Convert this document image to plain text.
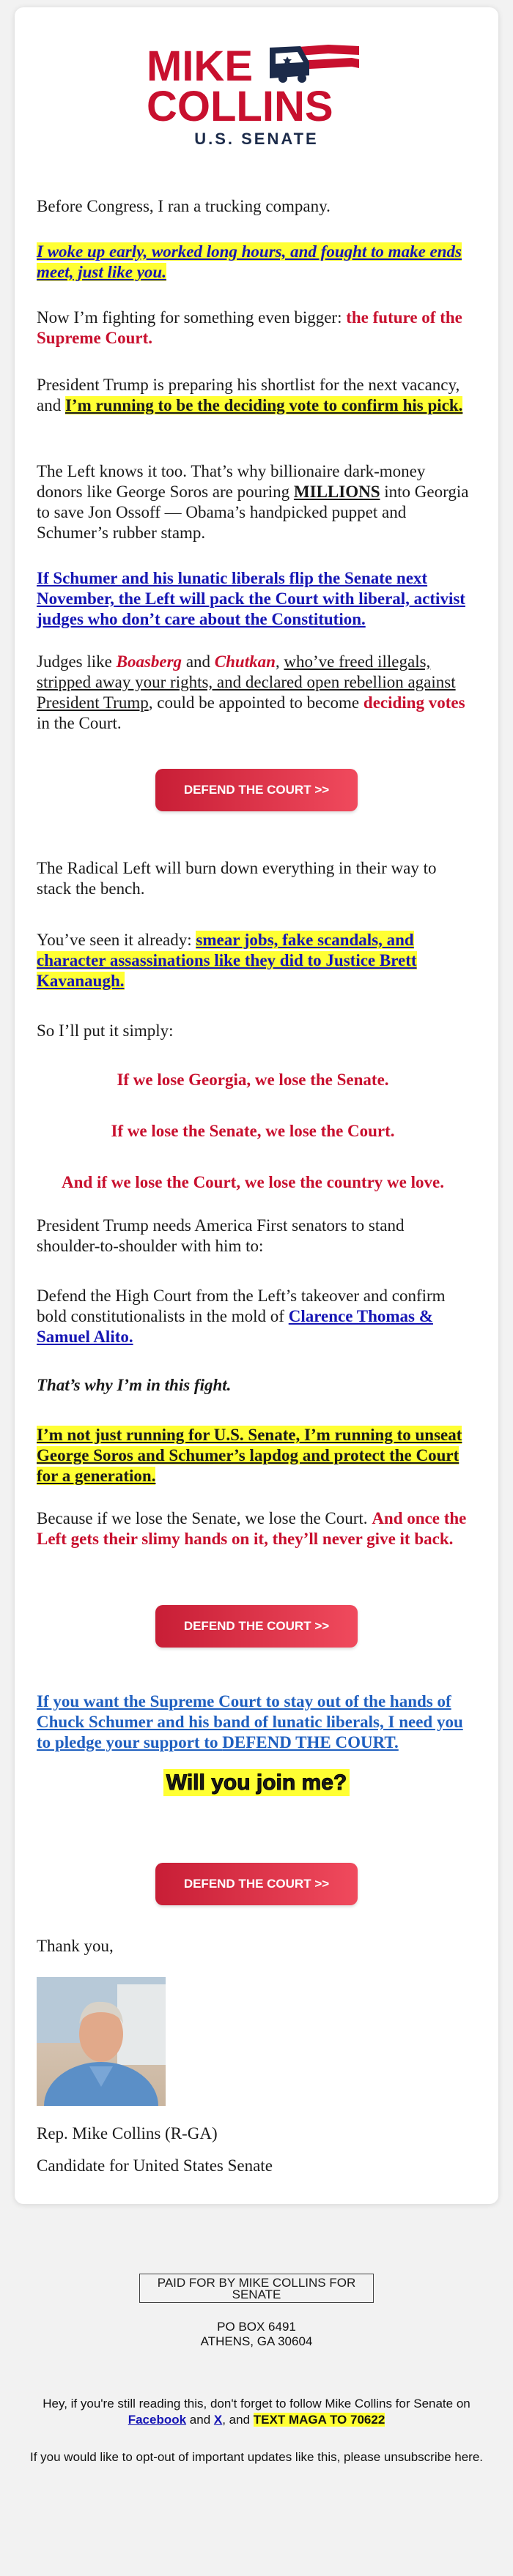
MIKE
COLLINS
U.S. SENATE

Before Congress, I ran a trucking company.

I woke up early, worked long hours, and fought to make ends meet, just like you.

Now I’m fighting for something even bigger: the future of the Supreme Court.

President Trump is preparing his shortlist for the next vacancy, and I’m running to be the deciding vote to confirm his pick.

The Left knows it too. That’s why billionaire dark-money donors like George Soros are pouring MILLIONS into Georgia to save Jon Ossoff — Obama’s handpicked puppet and Schumer’s rubber stamp.

If Schumer and his lunatic liberals flip the Senate next November, the Left will pack the Court with liberal, activist judges who don’t care about the Constitution.

Judges like Boasberg and Chutkan, who’ve freed illegals, stripped away your rights, and declared open rebellion against President Trump, could be appointed to become deciding votes in the Court.

DEFEND THE COURT >>

The Radical Left will burn down everything in their way to stack the bench.

You’ve seen it already: smear jobs, fake scandals, and character assassinations like they did to Justice Brett Kavanaugh.

So I’ll put it simply:

If we lose Georgia, we lose the Senate.
If we lose the Senate, we lose the Court.
And if we lose the Court, we lose the country we love.

President Trump needs America First senators to stand shoulder-to-shoulder with him to:

Defend the High Court from the Left’s takeover and confirm bold constitutionalists in the mold of Clarence Thomas & Samuel Alito.

That’s why I’m in this fight.

I’m not just running for U.S. Senate, I’m running to unseat George Soros and Schumer’s lapdog and protect the Court for a generation.

Because if we lose the Senate, we lose the Court. And once the Left gets their slimy hands on it, they’ll never give it back.

DEFEND THE COURT >>

If you want the Supreme Court to stay out of the hands of Chuck Schumer and his band of lunatic liberals, I need you to pledge your support to DEFEND THE COURT.

Will you join me?
DEFEND THE COURT >>

Thank you,

Rep. Mike Collins (R-GA)

Candidate for United States Senate

PAID FOR BY MIKE COLLINS FOR SENATE
PO BOX 6491
ATHENS, GA 30604
Hey, if you're still reading this, don't forget to follow Mike Collins for Senate on Facebook and X, and TEXT MAGA TO 70622
If you would like to opt-out of important updates like this, please unsubscribe here.
